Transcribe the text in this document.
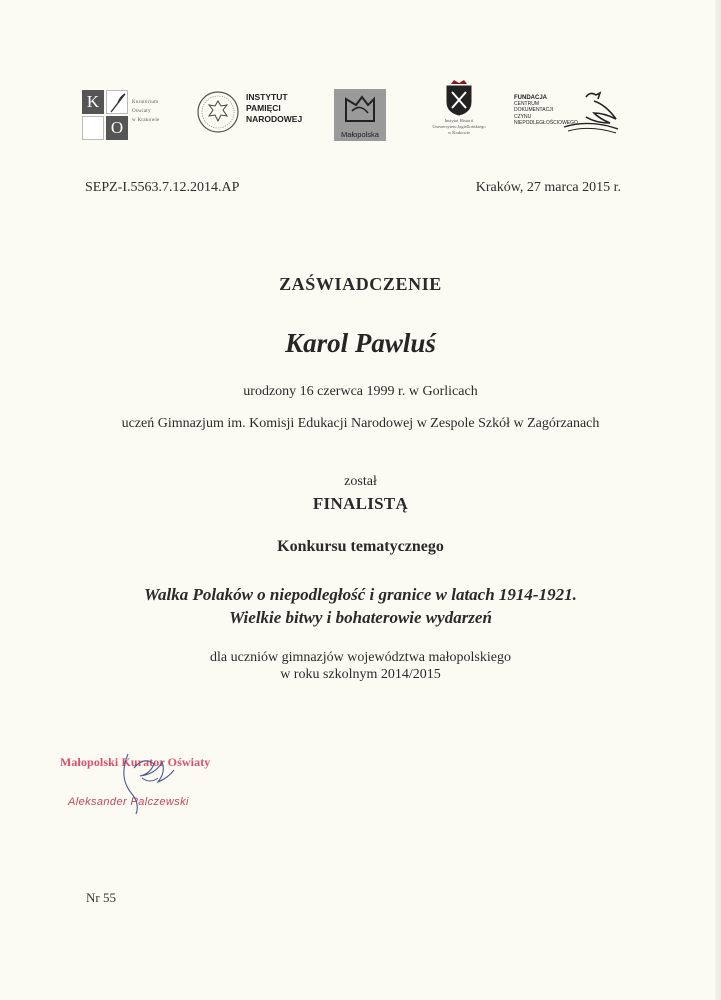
K
O
Kuratorium
Oświaty
w Krakowie
INSTYTUT
PAMIĘCI
NARODOWEJ
Małopolska
Instytut Historii
Uniwersytetu Jagiellońskiego
w Krakowie
FUNDACJA
CENTRUM
DOKUMENTACJI
CZYNU
NIEPODLEGŁOŚCIOWEGO
SEPZ-I.5563.7.12.2014.AP	Kraków, 27 marca 2015 r.
ZAŚWIADCZENIE
Karol Pawluś
urodzony 16 czerwca 1999 r. w Gorlicach
uczeń Gimnazjum im. Komisji Edukacji Narodowej w Zespole Szkół w Zagórzanach
został
FINALISTĄ
Konkursu tematycznego
Walka Polaków o niepodległość i granice w latach 1914-1921.
Wielkie bitwy i bohaterowie wydarzeń
dla uczniów gimnazjów województwa małopolskiego
w roku szkolnym 2014/2015
Małopolski Kurator Oświaty
Aleksander Palczewski
Nr 55
